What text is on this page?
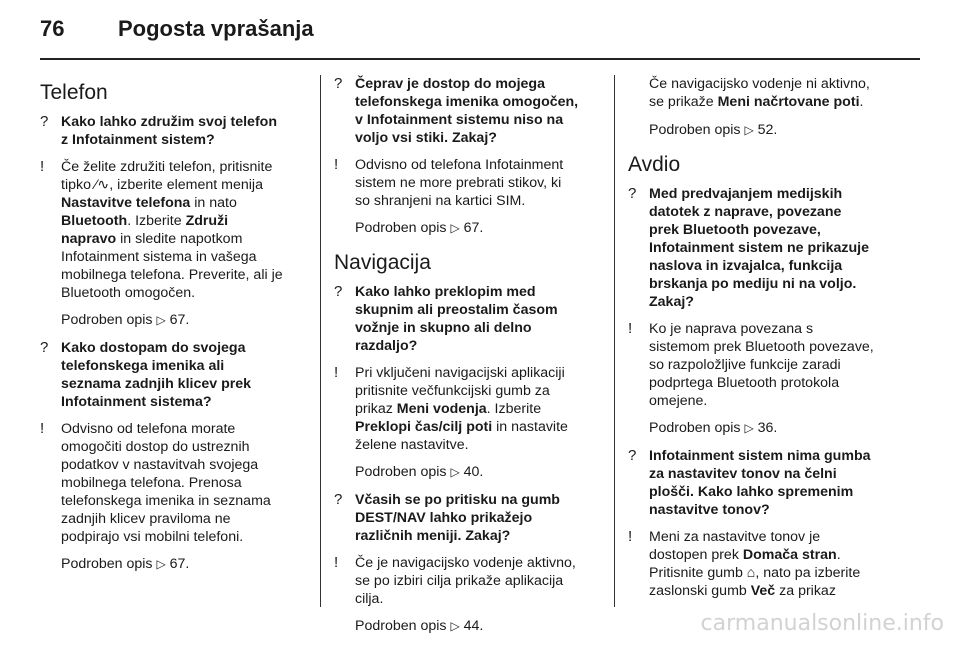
76 Pogosta vprašanja
Telefon
? Kako lahko združim svoj telefon z Infotainment sistem?
!	Če želite združiti telefon, pritisnite tipko ⁄∿, izberite element menija Nastavitve telefona in nato Bluetooth. Izberite Združi napravo in sledite napotkom Infotainment sistema in vašega mobilnega telefona. Preverite, ali je Bluetooth omogočen.
Podroben opis ▷ 67.
? Kako dostopam do svojega telefonskega imenika ali seznama zadnjih klicev prek Infotainment sistema?
!	Odvisno od telefona morate omogočiti dostop do ustreznih podatkov v nastavitvah svojega mobilnega telefona. Prenosa telefonskega imenika in seznama zadnjih klicev praviloma ne podpirajo vsi mobilni telefoni.
Podroben opis ▷ 67.
? Čeprav je dostop do mojega telefonskega imenika omogočen, v Infotainment sistemu niso na voljo vsi stiki. Zakaj?
!	Odvisno od telefona Infotainment sistem ne more prebrati stikov, ki so shranjeni na kartici SIM.
Podroben opis ▷ 67.
Navigacija
? Kako lahko preklopim med skupnim ali preostalim časom vožnje in skupno ali delno razdaljo?
!	Pri vključeni navigacijski aplikaciji pritisnite večfunkcijski gumb za prikaz Meni vodenja. Izberite Preklopi čas/cilj poti in nastavite želene nastavitve.
Podroben opis ▷ 40.
? Včasih se po pritisku na gumb DEST/NAV lahko prikažejo različnih meniji. Zakaj?
!	Če je navigacijsko vodenje aktivno, se po izbiri cilja prikaže aplikacija cilja.
Podroben opis ▷ 44.
Če navigacijsko vodenje ni aktivno, se prikaže Meni načrtovane poti.
Podroben opis ▷ 52.
Avdio
? Med predvajanjem medijskih datotek z naprave, povezane prek Bluetooth povezave, Infotainment sistem ne prikazuje naslova in izvajalca, funkcija brskanja po mediju ni na voljo. Zakaj?
!	Ko je naprava povezana s sistemom prek Bluetooth povezave, so razpoložljive funkcije zaradi podprtega Bluetooth protokola omejene.
Podroben opis ▷ 36.
? Infotainment sistem nima gumba za nastavitev tonov na čelni plošči. Kako lahko spremenim nastavitve tonov?
!	Meni za nastavitve tonov je dostopen prek Domača stran. Pritisnite gumb ⌂, nato pa izberite zaslonski gumb Več za prikaz
carmanualsonline.info
